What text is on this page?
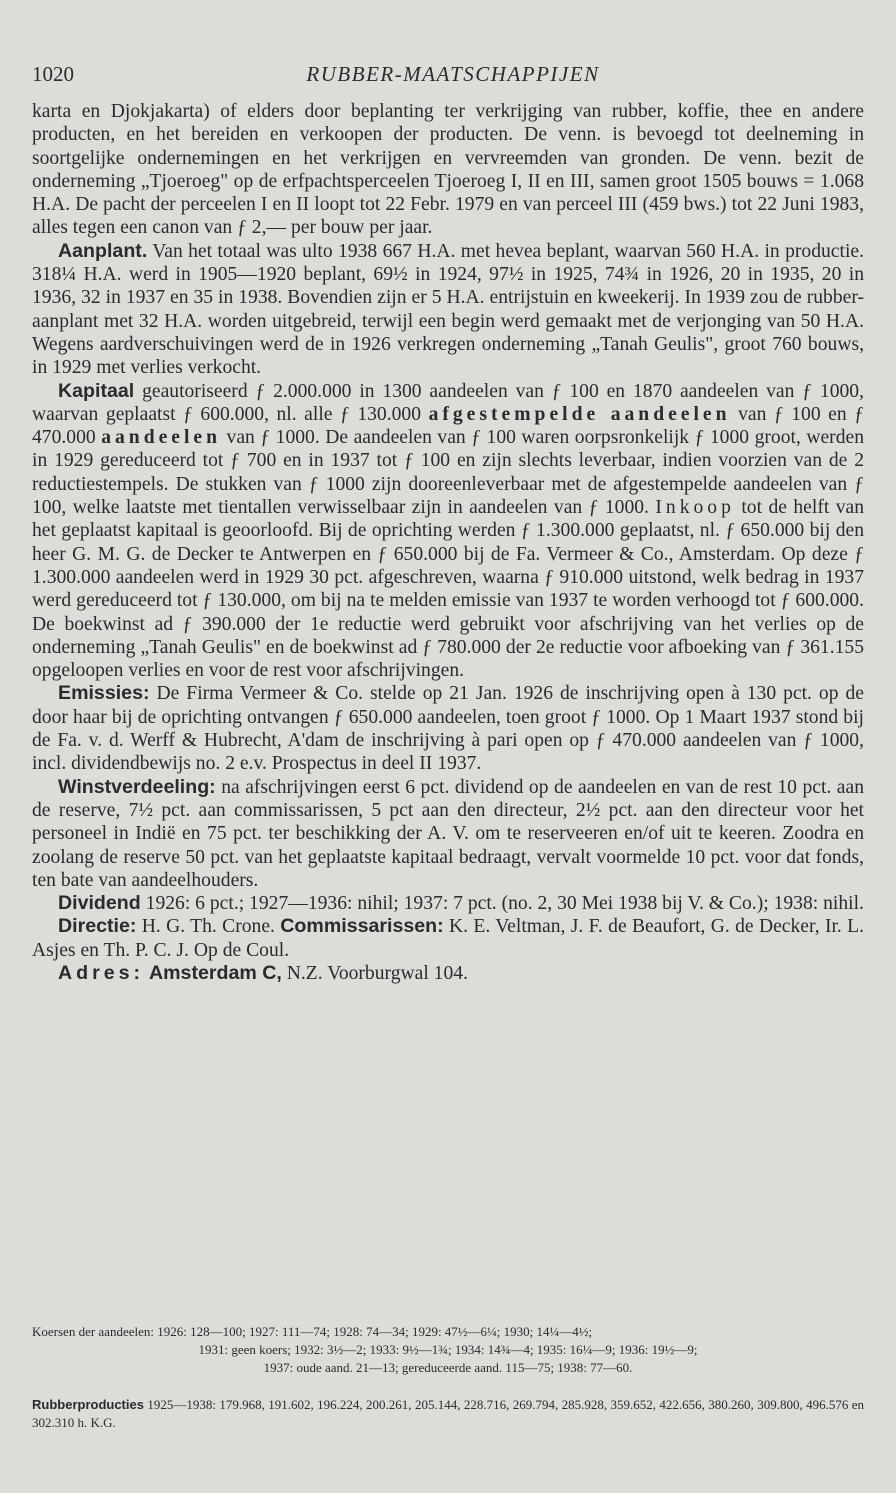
1020	RUBBER-MAATSCHAPPIJEN

karta en Djokjakarta) of elders door beplanting ter verkrijging van rubber, koffie, thee en andere producten, en het bereiden en verkoopen der producten. De venn. is bevoegd tot deelneming in soortgelijke ondernemingen en het verkrijgen en vervreemden van gronden. De venn. bezit de onderneming „Tjoeroeg" op de erfpachtsperceelen Tjoeroeg I, II en III, samen groot 1505 bouws = 1.068 H.A. De pacht der perceelen I en II loopt tot 22 Febr. 1979 en van perceel III (459 bws.) tot 22 Juni 1983, alles tegen een canon van ƒ 2,— per bouw per jaar.

Aanplant. Van het totaal was ulto 1938 667 H.A. met hevea beplant, waarvan 560 H.A. in productie. 318¼ H.A. werd in 1905—1920 beplant, 69½ in 1924, 97½ in 1925, 74¾ in 1926, 20 in 1935, 20 in 1936, 32 in 1937 en 35 in 1938. Bovendien zijn er 5 H.A. entrijstuin en kweekerij. In 1939 zou de rubber-aanplant met 32 H.A. worden uitgebreid, terwijl een begin werd gemaakt met de verjonging van 50 H.A. Wegens aardverschuivingen werd de in 1926 verkregen onderneming „Tanah Geulis", groot 760 bouws, in 1929 met verlies verkocht.

Kapitaal geautoriseerd ƒ 2.000.000 in 1300 aandeelen van ƒ 100 en 1870 aandeelen van ƒ 1000, waarvan geplaatst ƒ 600.000, nl. alle ƒ 130.000 afgestempelde aandeelen van ƒ 100 en ƒ 470.000 aandeelen van ƒ 1000. De aandeelen van ƒ 100 waren oorpsronkelijk ƒ 1000 groot, werden in 1929 gereduceerd tot ƒ 700 en in 1937 tot ƒ 100 en zijn slechts leverbaar, indien voorzien van de 2 reductiestempels. De stukken van ƒ 1000 zijn dooreenleverbaar met de afgestempelde aandeelen van ƒ 100, welke laatste met tientallen verwisselbaar zijn in aandeelen van ƒ 1000. Inkoop tot de helft van het geplaatst kapitaal is geoorloofd. Bij de oprichting werden ƒ 1.300.000 geplaatst, nl. ƒ 650.000 bij den heer G. M. G. de Decker te Antwerpen en ƒ 650.000 bij de Fa. Vermeer & Co., Amsterdam. Op deze ƒ 1.300.000 aandeelen werd in 1929 30 pct. afgeschreven, waarna ƒ 910.000 uitstond, welk bedrag in 1937 werd gereduceerd tot ƒ 130.000, om bij na te melden emissie van 1937 te worden verhoogd tot ƒ 600.000. De boekwinst ad ƒ 390.000 der 1e reductie werd gebruikt voor afschrijving van het verlies op de onderneming „Tanah Geulis" en de boekwinst ad ƒ 780.000 der 2e reductie voor afboeking van ƒ 361.155 opgeloopen verlies en voor de rest voor afschrijvingen.

Emissies: De Firma Vermeer & Co. stelde op 21 Jan. 1926 de inschrijving open à 130 pct. op de door haar bij de oprichting ontvangen ƒ 650.000 aandeelen, toen groot ƒ 1000. Op 1 Maart 1937 stond bij de Fa. v. d. Werff & Hubrecht, A'dam de inschrijving à pari open op ƒ 470.000 aandeelen van ƒ 1000, incl. dividendbewijs no. 2 e.v. Prospectus in deel II 1937.

Winstverdeeling: na afschrijvingen eerst 6 pct. dividend op de aandeelen en van de rest 10 pct. aan de reserve, 7½ pct. aan commissarissen, 5 pct aan den directeur, 2½ pct. aan den directeur voor het personeel in Indië en 75 pct. ter beschikking der A. V. om te reserveeren en/of uit te keeren. Zoodra en zoolang de reserve 50 pct. van het geplaatste kapitaal bedraagt, vervalt voormelde 10 pct. voor dat fonds, ten bate van aandeelhouders.

Dividend 1926: 6 pct.; 1927—1936: nihil; 1937: 7 pct. (no. 2, 30 Mei 1938 bij V. & Co.); 1938: nihil.

Directie: H. G. Th. Crone. Commissarissen: K. E. Veltman, J. F. de Beaufort, G. de Decker, Ir. L. Asjes en Th. P. C. J. Op de Coul.

Adres: Amsterdam C, N.Z. Voorburgwal 104.

Koersen der aandeelen: 1926: 128—100; 1927: 111—74; 1928: 74—34; 1929: 47½—6¼; 1930; 14¼—4½;

1931: geen koers; 1932: 3½—2; 1933: 9½—1¾; 1934: 14¾—4; 1935: 16¼—9; 1936: 19½—9;

1937: oude aand. 21—13; gereduceerde aand. 115—75; 1938: 77—60.

Rubberproducties 1925—1938: 179.968, 191.602, 196.224, 200.261, 205.144, 228.716, 269.794, 285.928, 359.652, 422.656, 380.260, 309.800, 496.576 en 302.310 h. K.G.
